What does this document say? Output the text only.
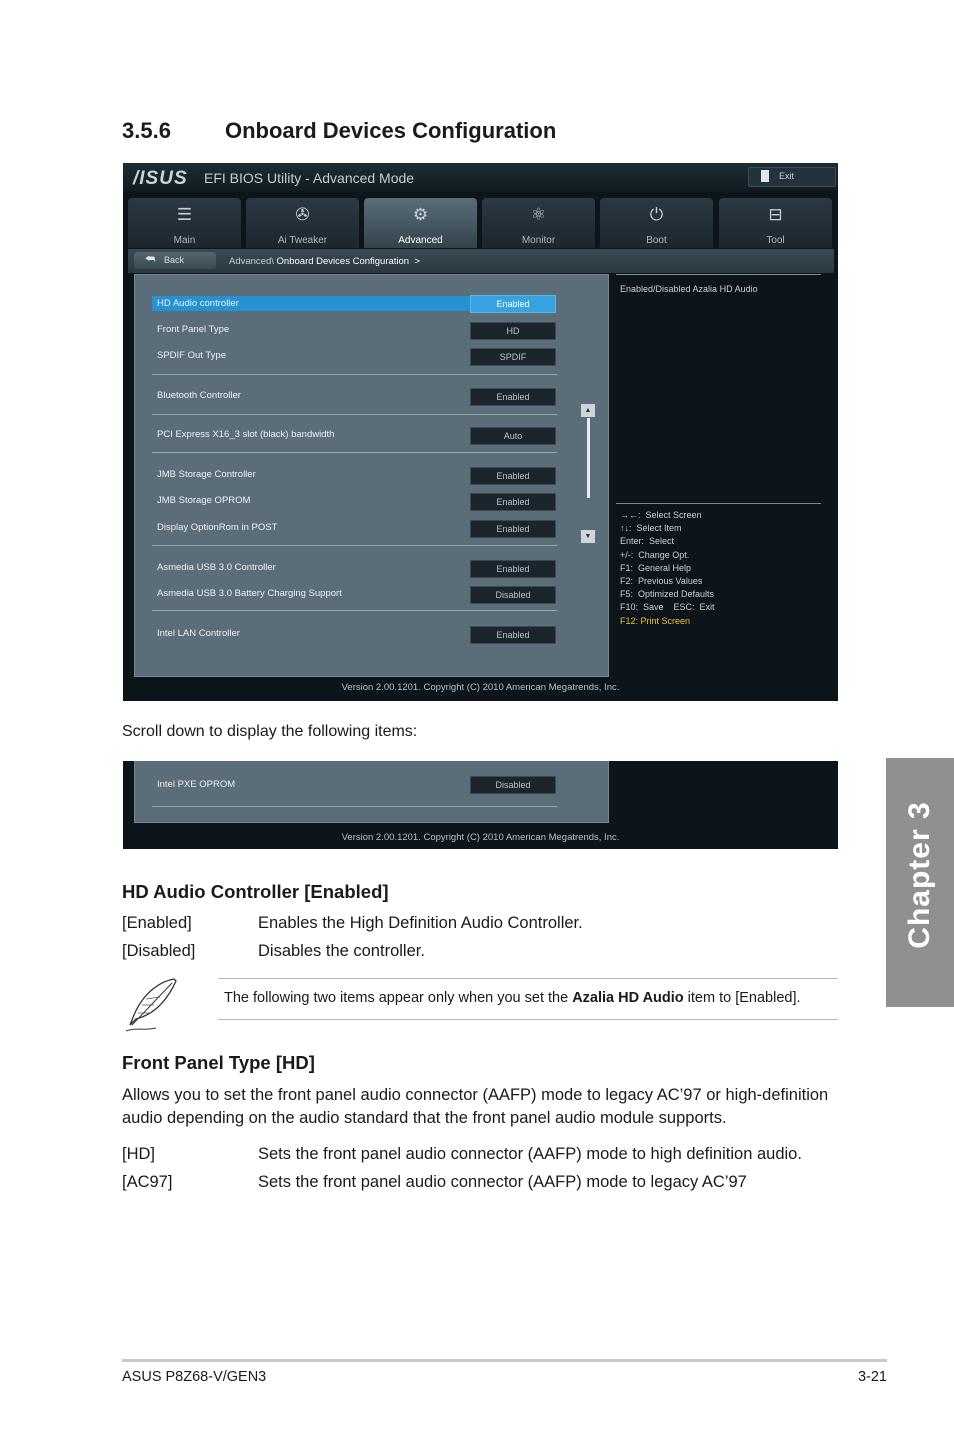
3.5.6 Onboard Devices Configuration
/ISUS EFI BIOS Utility - Advanced Mode	Exit
☰
Main
✇
Ai Tweaker
⚙
Advanced
⚛
Monitor
⏻
Boot
⊟
Tool
⮪ Back	Advanced\ Onboard Devices Configuration  >
HD Audio controller	Enabled
Front Panel Type	HD
SPDIF Out Type	SPDIF
Bluetooth Controller	Enabled
PCI Express X16_3 slot (black) bandwidth	Auto
JMB Storage Controller	Enabled
JMB Storage OPROM	Enabled
Display OptionRom in POST	Enabled
Asmedia USB 3.0 Controller	Enabled
Asmedia USB 3.0 Battery Charging Support	Disabled
Intel LAN Controller	Enabled
▲
▼
Enabled/Disabled Azalia HD Audio
→←:  Select Screen
↑↓:  Select Item
Enter:  Select
+/-:  Change Opt.
F1:  General Help
F2:  Previous Values
F5:  Optimized Defaults
F10:  Save    ESC:  Exit
F12: Print Screen
Version 2.00.1201. Copyright (C) 2010 American Megatrends, Inc.
Scroll down to display the following items:
Intel PXE OPROM	Disabled
Version 2.00.1201. Copyright (C) 2010 American Megatrends, Inc.
HD Audio Controller [Enabled]
[Enabled]	Enables the High Definition Audio Controller.
[Disabled]	Disables the controller.
The following two items appear only when you set the Azalia HD Audio item to [Enabled].
Front Panel Type [HD]
Allows you to set the front panel audio connector (AAFP) mode to legacy AC’97 or high-definition audio depending on the audio standard that the front panel audio module supports.
[HD]	Sets the front panel audio connector (AAFP) mode to high definition audio.
[AC97]	Sets the front panel audio connector (AAFP) mode to legacy AC’97
Chapter 3
ASUS P8Z68-V/GEN3	3-21
